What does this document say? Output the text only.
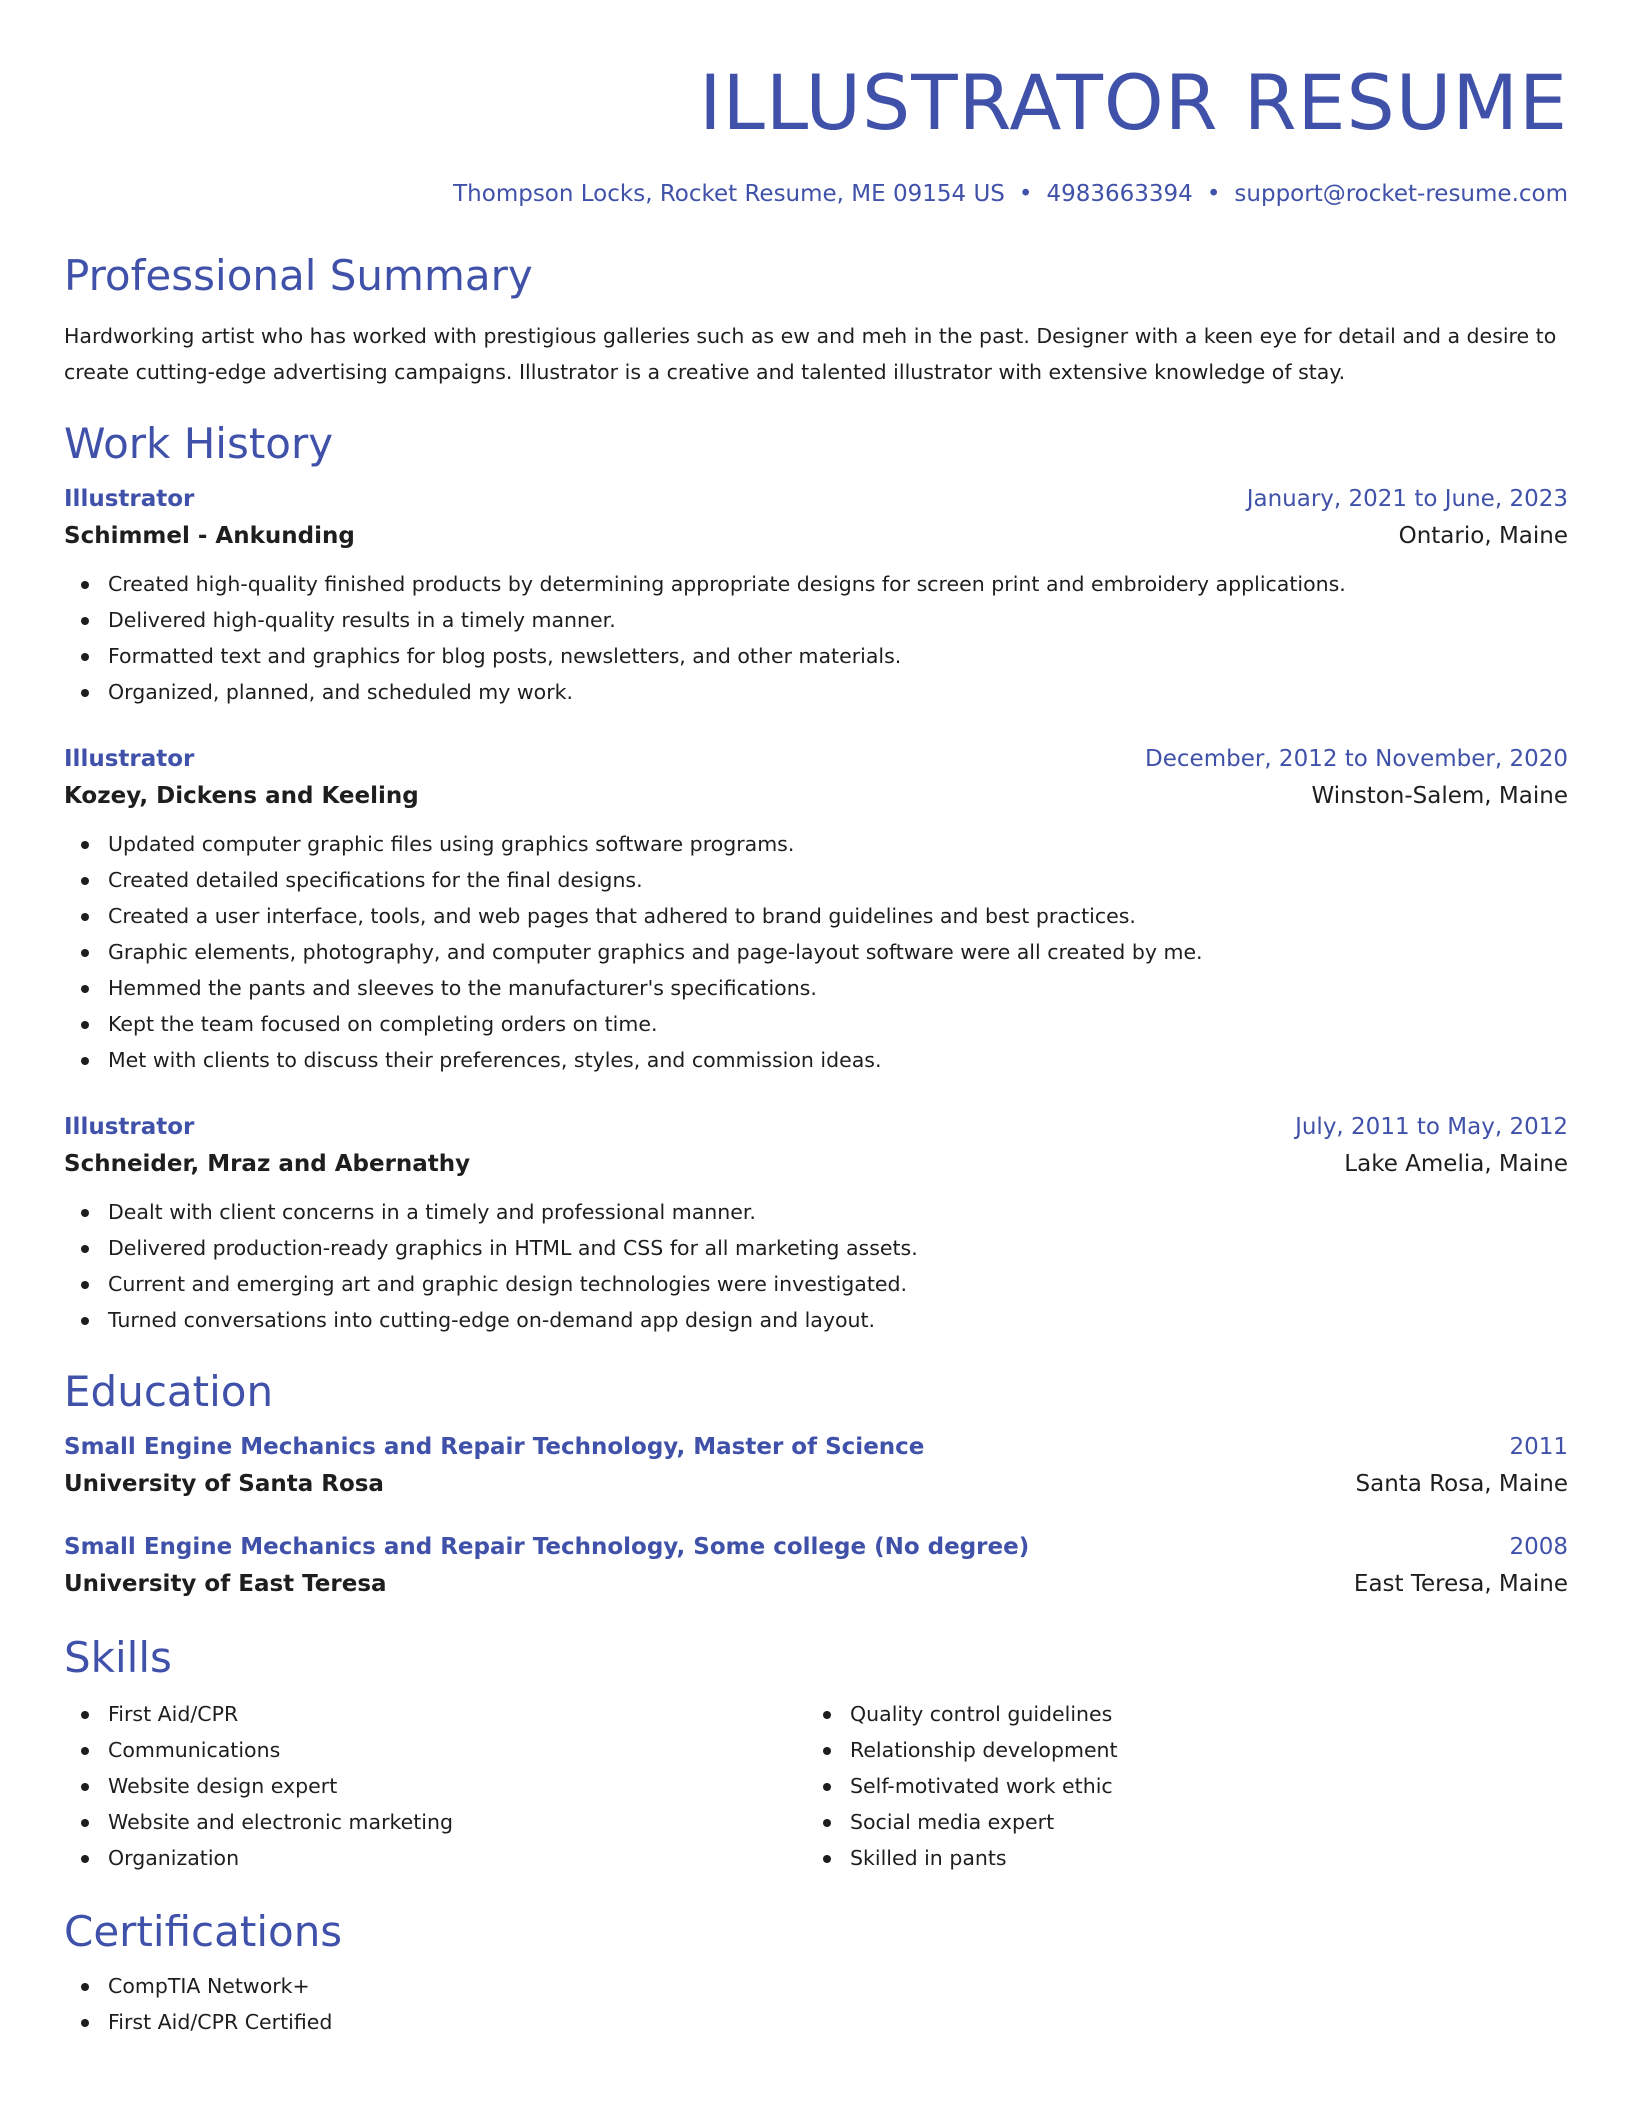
ILLUSTRATOR RESUME
Thompson Locks, Rocket Resume, ME 09154 US • 4983663394 • support@rocket-resume.com
Professional Summary
Hardworking artist who has worked with prestigious galleries such as ew and meh in the past. Designer with a keen eye for detail and a desire to create cutting-edge advertising campaigns. Illustrator is a creative and talented illustrator with extensive knowledge of stay.
Work History
Illustrator	January, 2021 to June, 2023
Schimmel - Ankunding	Ontario, Maine
Created high-quality finished products by determining appropriate designs for screen print and embroidery applications.
Delivered high-quality results in a timely manner.
Formatted text and graphics for blog posts, newsletters, and other materials.
Organized, planned, and scheduled my work.
Illustrator	December, 2012 to November, 2020
Kozey, Dickens and Keeling	Winston-Salem, Maine
Updated computer graphic files using graphics software programs.
Created detailed specifications for the final designs.
Created a user interface, tools, and web pages that adhered to brand guidelines and best practices.
Graphic elements, photography, and computer graphics and page-layout software were all created by me.
Hemmed the pants and sleeves to the manufacturer's specifications.
Kept the team focused on completing orders on time.
Met with clients to discuss their preferences, styles, and commission ideas.
Illustrator	July, 2011 to May, 2012
Schneider, Mraz and Abernathy	Lake Amelia, Maine
Dealt with client concerns in a timely and professional manner.
Delivered production-ready graphics in HTML and CSS for all marketing assets.
Current and emerging art and graphic design technologies were investigated.
Turned conversations into cutting-edge on-demand app design and layout.
Education
Small Engine Mechanics and Repair Technology, Master of Science	2011
University of Santa Rosa	Santa Rosa, Maine
Small Engine Mechanics and Repair Technology, Some college (No degree)	2008
University of East Teresa	East Teresa, Maine
Skills
First Aid/CPR
Communications
Website design expert
Website and electronic marketing
Organization
Quality control guidelines
Relationship development
Self-motivated work ethic
Social media expert
Skilled in pants
Certifications
CompTIA Network+
First Aid/CPR Certified
